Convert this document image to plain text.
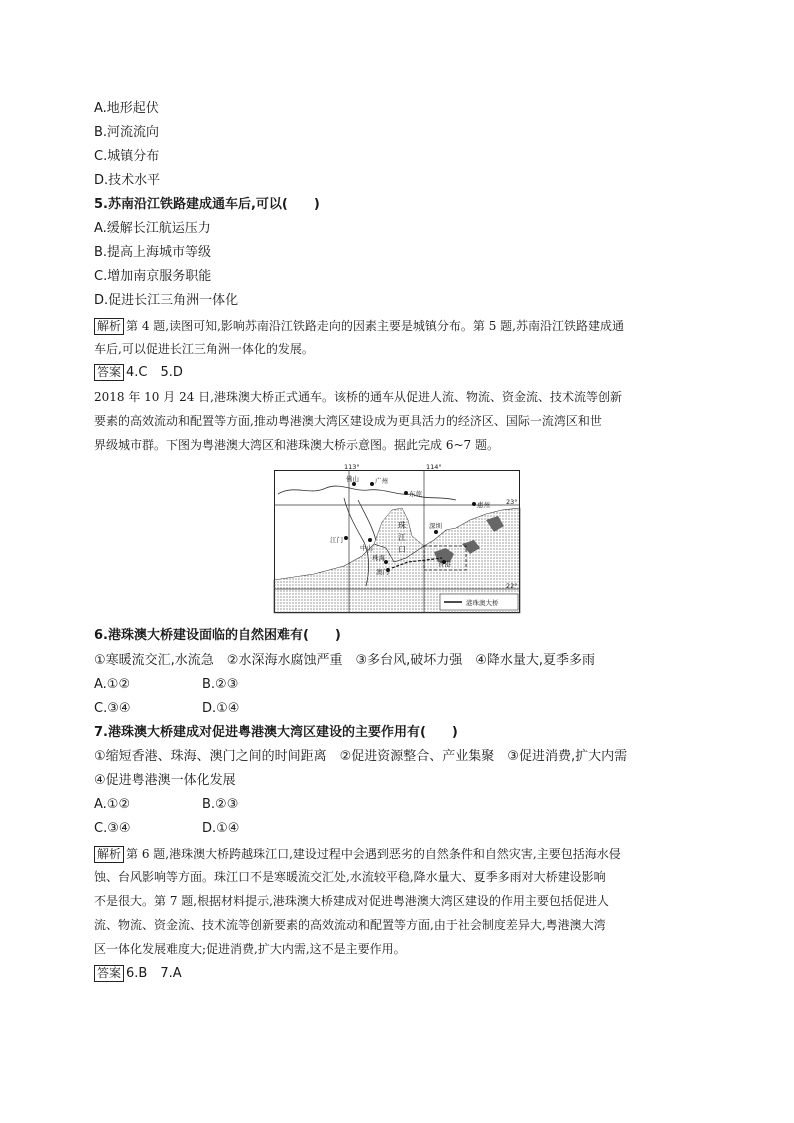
A.地形起伏
B.河流流向
C.城镇分布
D.技术水平
5.苏南沿江铁路建成通车后,可以(　　)
A.缓解长江航运压力
B.提高上海城市等级
C.增加南京服务职能
D.促进长江三角洲一体化
解析 第 4 题,读图可知,影响苏南沿江铁路走向的因素主要是城镇分布。第 5 题,苏南沿江铁路建成通
车后,可以促进长江三角洲一体化的发展。
答案 4.C　5.D
2018 年 10 月 24 日,港珠澳大桥正式通车。该桥的通车从促进人流、物流、资金流、技术流等创新
要素的高效流动和配置等方面,推动粤港澳大湾区建设成为更具活力的经济区、国际一流湾区和世
界级城市群。下图为粤港澳大湾区和港珠澳大桥示意图。据此完成 6~7 题。
113°	114°
佛山 广州
东莞
惠州
深圳
江门
中山
珠海
澳门
香港
珠
江
口
23°
22°
港珠澳大桥
6.港珠澳大桥建设面临的自然困难有(　　)
①寒暖流交汇,水流急　②水深海水腐蚀严重　③多台风,破坏力强　④降水量大,夏季多雨
A.①②	B.②③
C.③④	D.①④
7.港珠澳大桥建成对促进粤港澳大湾区建设的主要作用有(　　)
①缩短香港、珠海、澳门之间的时间距离　②促进资源整合、产业集聚　③促进消费,扩大内需
④促进粤港澳一体化发展
A.①②	B.②③
C.③④	D.①④
解析 第 6 题,港珠澳大桥跨越珠江口,建设过程中会遇到恶劣的自然条件和自然灾害,主要包括海水侵
蚀、台风影响等方面。珠江口不是寒暖流交汇处,水流较平稳,降水量大、夏季多雨对大桥建设影响
不是很大。第 7 题,根据材料提示,港珠澳大桥建成对促进粤港澳大湾区建设的作用主要包括促进人
流、物流、资金流、技术流等创新要素的高效流动和配置等方面,由于社会制度差异大,粤港澳大湾
区一体化发展难度大;促进消费,扩大内需,这不是主要作用。
答案 6.B　7.A
